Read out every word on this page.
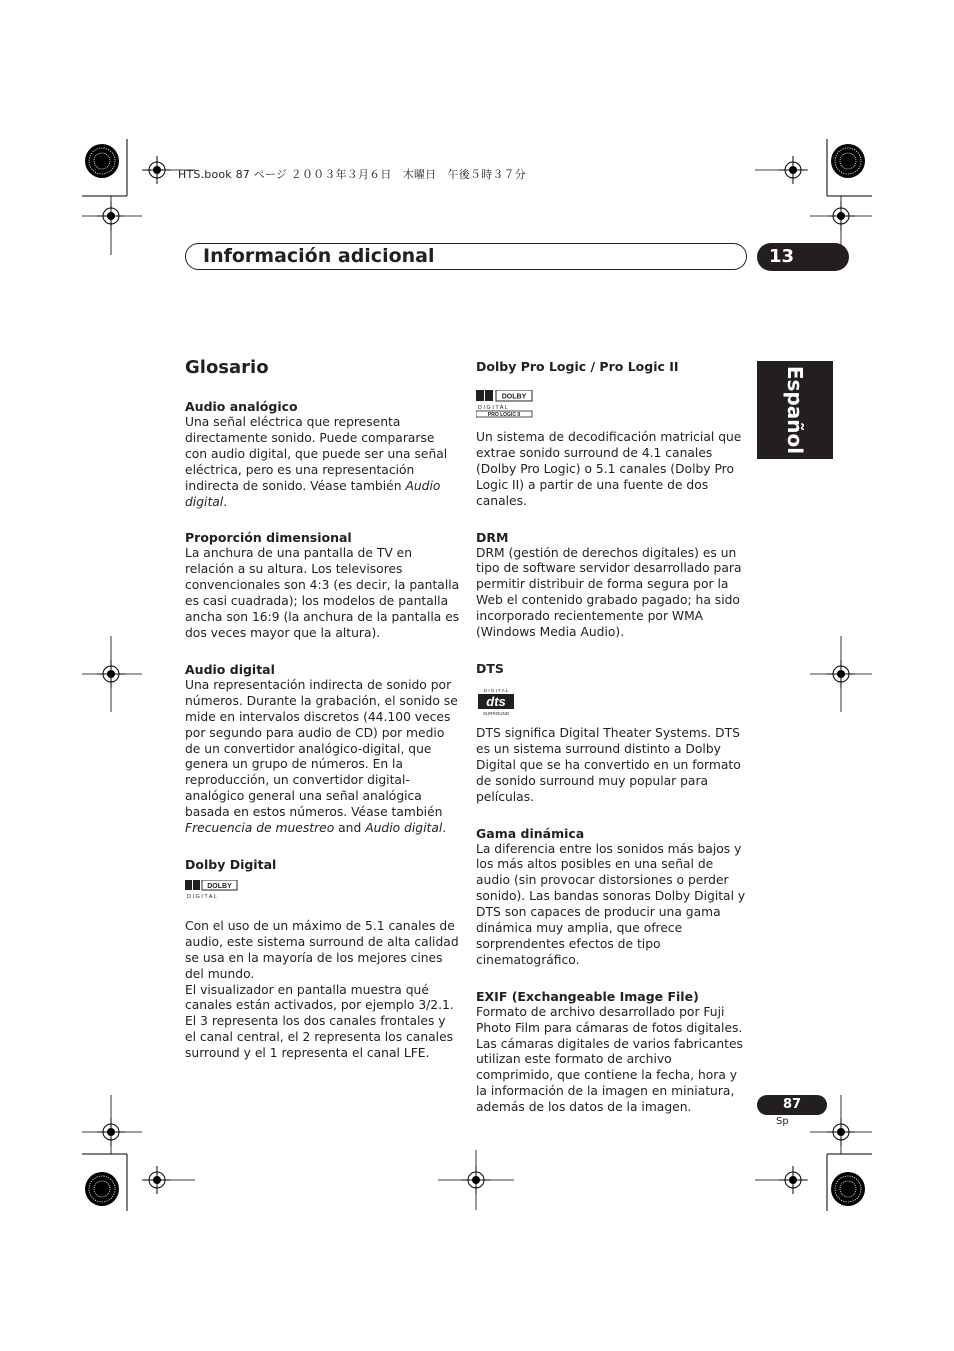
HTS.book 87 ページ ２００３年３月６日　木曜日　午後５時３７分
Información adicional	13
Español
Glosario
Audio analógico

Una señal eléctrica que representa directamente sonido. Puede compararse con audio digital, que puede ser una señal eléctrica, pero es una representación indirecta de sonido. Véase también Audio digital.

Proporción dimensional

La anchura de una pantalla de TV en relación a su altura. Los televisores convencionales son 4:3 (es decir, la pantalla es casi cuadrada); los modelos de pantalla ancha son 16:9 (la anchura de la pantalla es dos veces mayor que la altura).

Audio digital

Una representación indirecta de sonido por números. Durante la grabación, el sonido se mide en intervalos discretos (44.100 veces por segundo para audio de CD) por medio de un convertidor analógico-digital, que genera un grupo de números. En la reproducción, un convertidor digital-analógico general una señal analógica basada en estos números. Véase también Frecuencia de muestreo and Audio digital.

Dolby Digital
DOLBY
D I G I T A L

Con el uso de un máximo de 5.1 canales de audio, este sistema surround de alta calidad se usa en la mayoría de los mejores cines del mundo.

El visualizador en pantalla muestra qué canales están activados, por ejemplo 3/2.1. El 3 representa los dos canales frontales y el canal central, el 2 representa los canales surround y el 1 representa el canal LFE.

Dolby Pro Logic / Pro Logic II
DOLBY
D I G I T A L
PRO LOGIC II

Un sistema de decodificación matricial que extrae sonido surround de 4.1 canales (Dolby Pro Logic) o 5.1 canales (Dolby Pro Logic II) a partir de una fuente de dos canales.

DRM

DRM (gestión de derechos digitales) es un tipo de software servidor desarrollado para permitir distribuir de forma segura por la Web el contenido grabado pagado; ha sido incorporado recientemente por WMA (Windows Media Audio).

DTS
D I G I T A L
dts
SURROUND

DTS significa Digital Theater Systems. DTS es un sistema surround distinto a Dolby Digital que se ha convertido en un formato de sonido surround muy popular para películas.

Gama dinámica

La diferencia entre los sonidos más bajos y los más altos posibles en una señal de audio (sin provocar distorsiones o perder sonido). Las bandas sonoras Dolby Digital y DTS son capaces de producir una gama dinámica muy amplia, que ofrece sorprendentes efectos de tipo cinematográfico.

EXIF (Exchangeable Image File)

Formato de archivo desarrollado por Fuji Photo Film para cámaras de fotos digitales. Las cámaras digitales de varios fabricantes utilizan este formato de archivo comprimido, que contiene la fecha, hora y la información de la imagen en miniatura, además de los datos de la imagen.	87
Sp
